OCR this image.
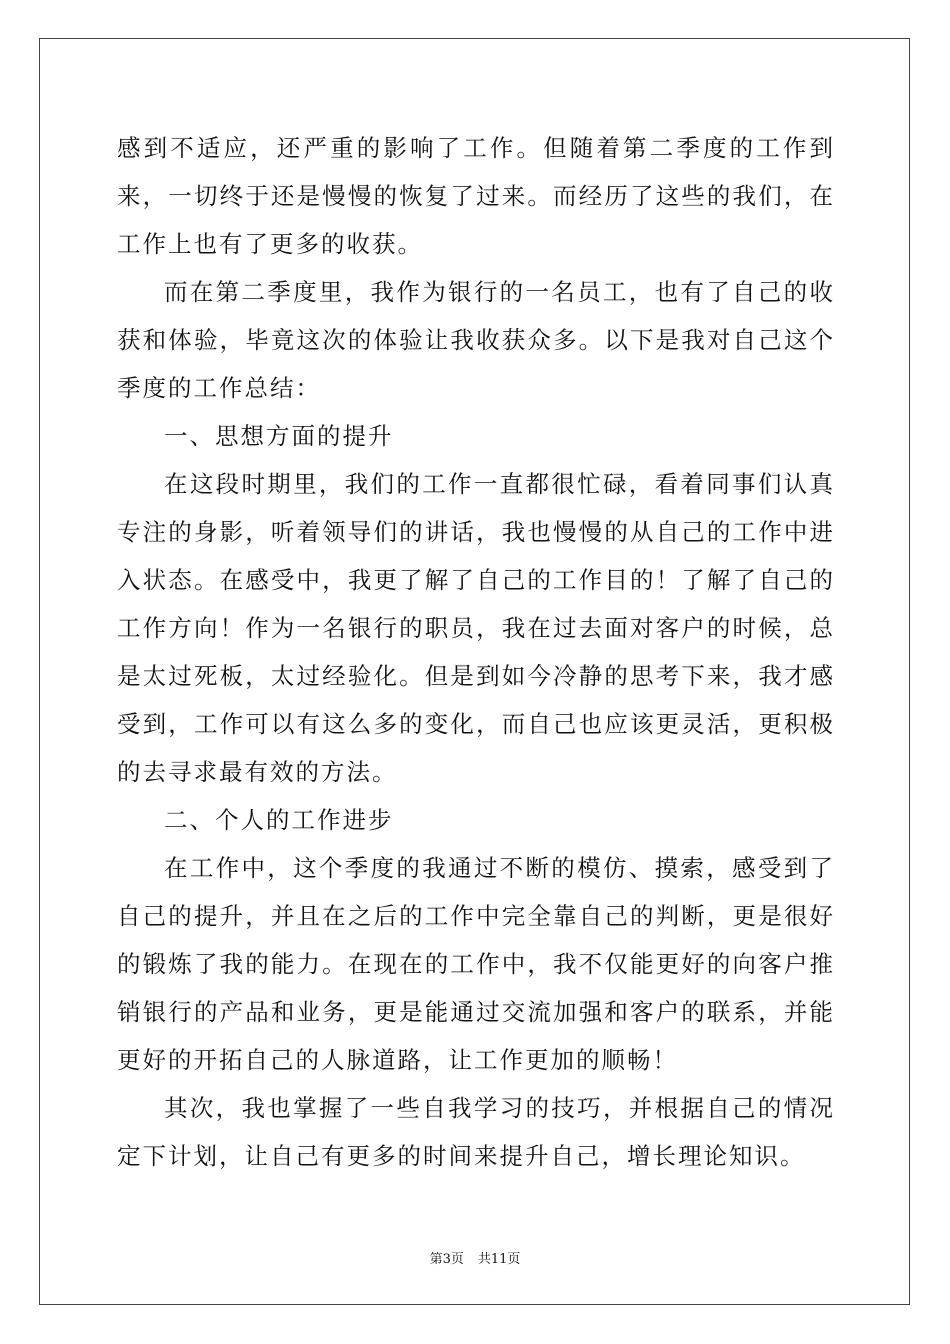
感到不适应，还严重的影响了工作。但随着第二季度的工作到来，一切终于还是慢慢的恢复了过来。而经历了这些的我们，在工作上也有了更多的收获。

而在第二季度里，我作为银行的一名员工，也有了自己的收获和体验，毕竟这次的体验让我收获众多。以下是我对自己这个季度的工作总结：

一、思想方面的提升

在这段时期里，我们的工作一直都很忙碌，看着同事们认真专注的身影，听着领导们的讲话，我也慢慢的从自己的工作中进入状态。在感受中，我更了解了自己的工作目的！了解了自己的工作方向！作为一名银行的职员，我在过去面对客户的时候，总是太过死板，太过经验化。但是到如今冷静的思考下来，我才感受到，工作可以有这么多的变化，而自己也应该更灵活，更积极的去寻求最有效的方法。

二、个人的工作进步

在工作中，这个季度的我通过不断的模仿、摸索，感受到了自己的提升，并且在之后的工作中完全靠自己的判断，更是很好的锻炼了我的能力。在现在的工作中，我不仅能更好的向客户推销银行的产品和业务，更是能通过交流加强和客户的联系，并能更好的开拓自己的人脉道路，让工作更加的顺畅！

其次，我也掌握了一些自我学习的技巧，并根据自己的情况定下计划，让自己有更多的时间来提升自己，增长理论知识。

第3页 共11页
